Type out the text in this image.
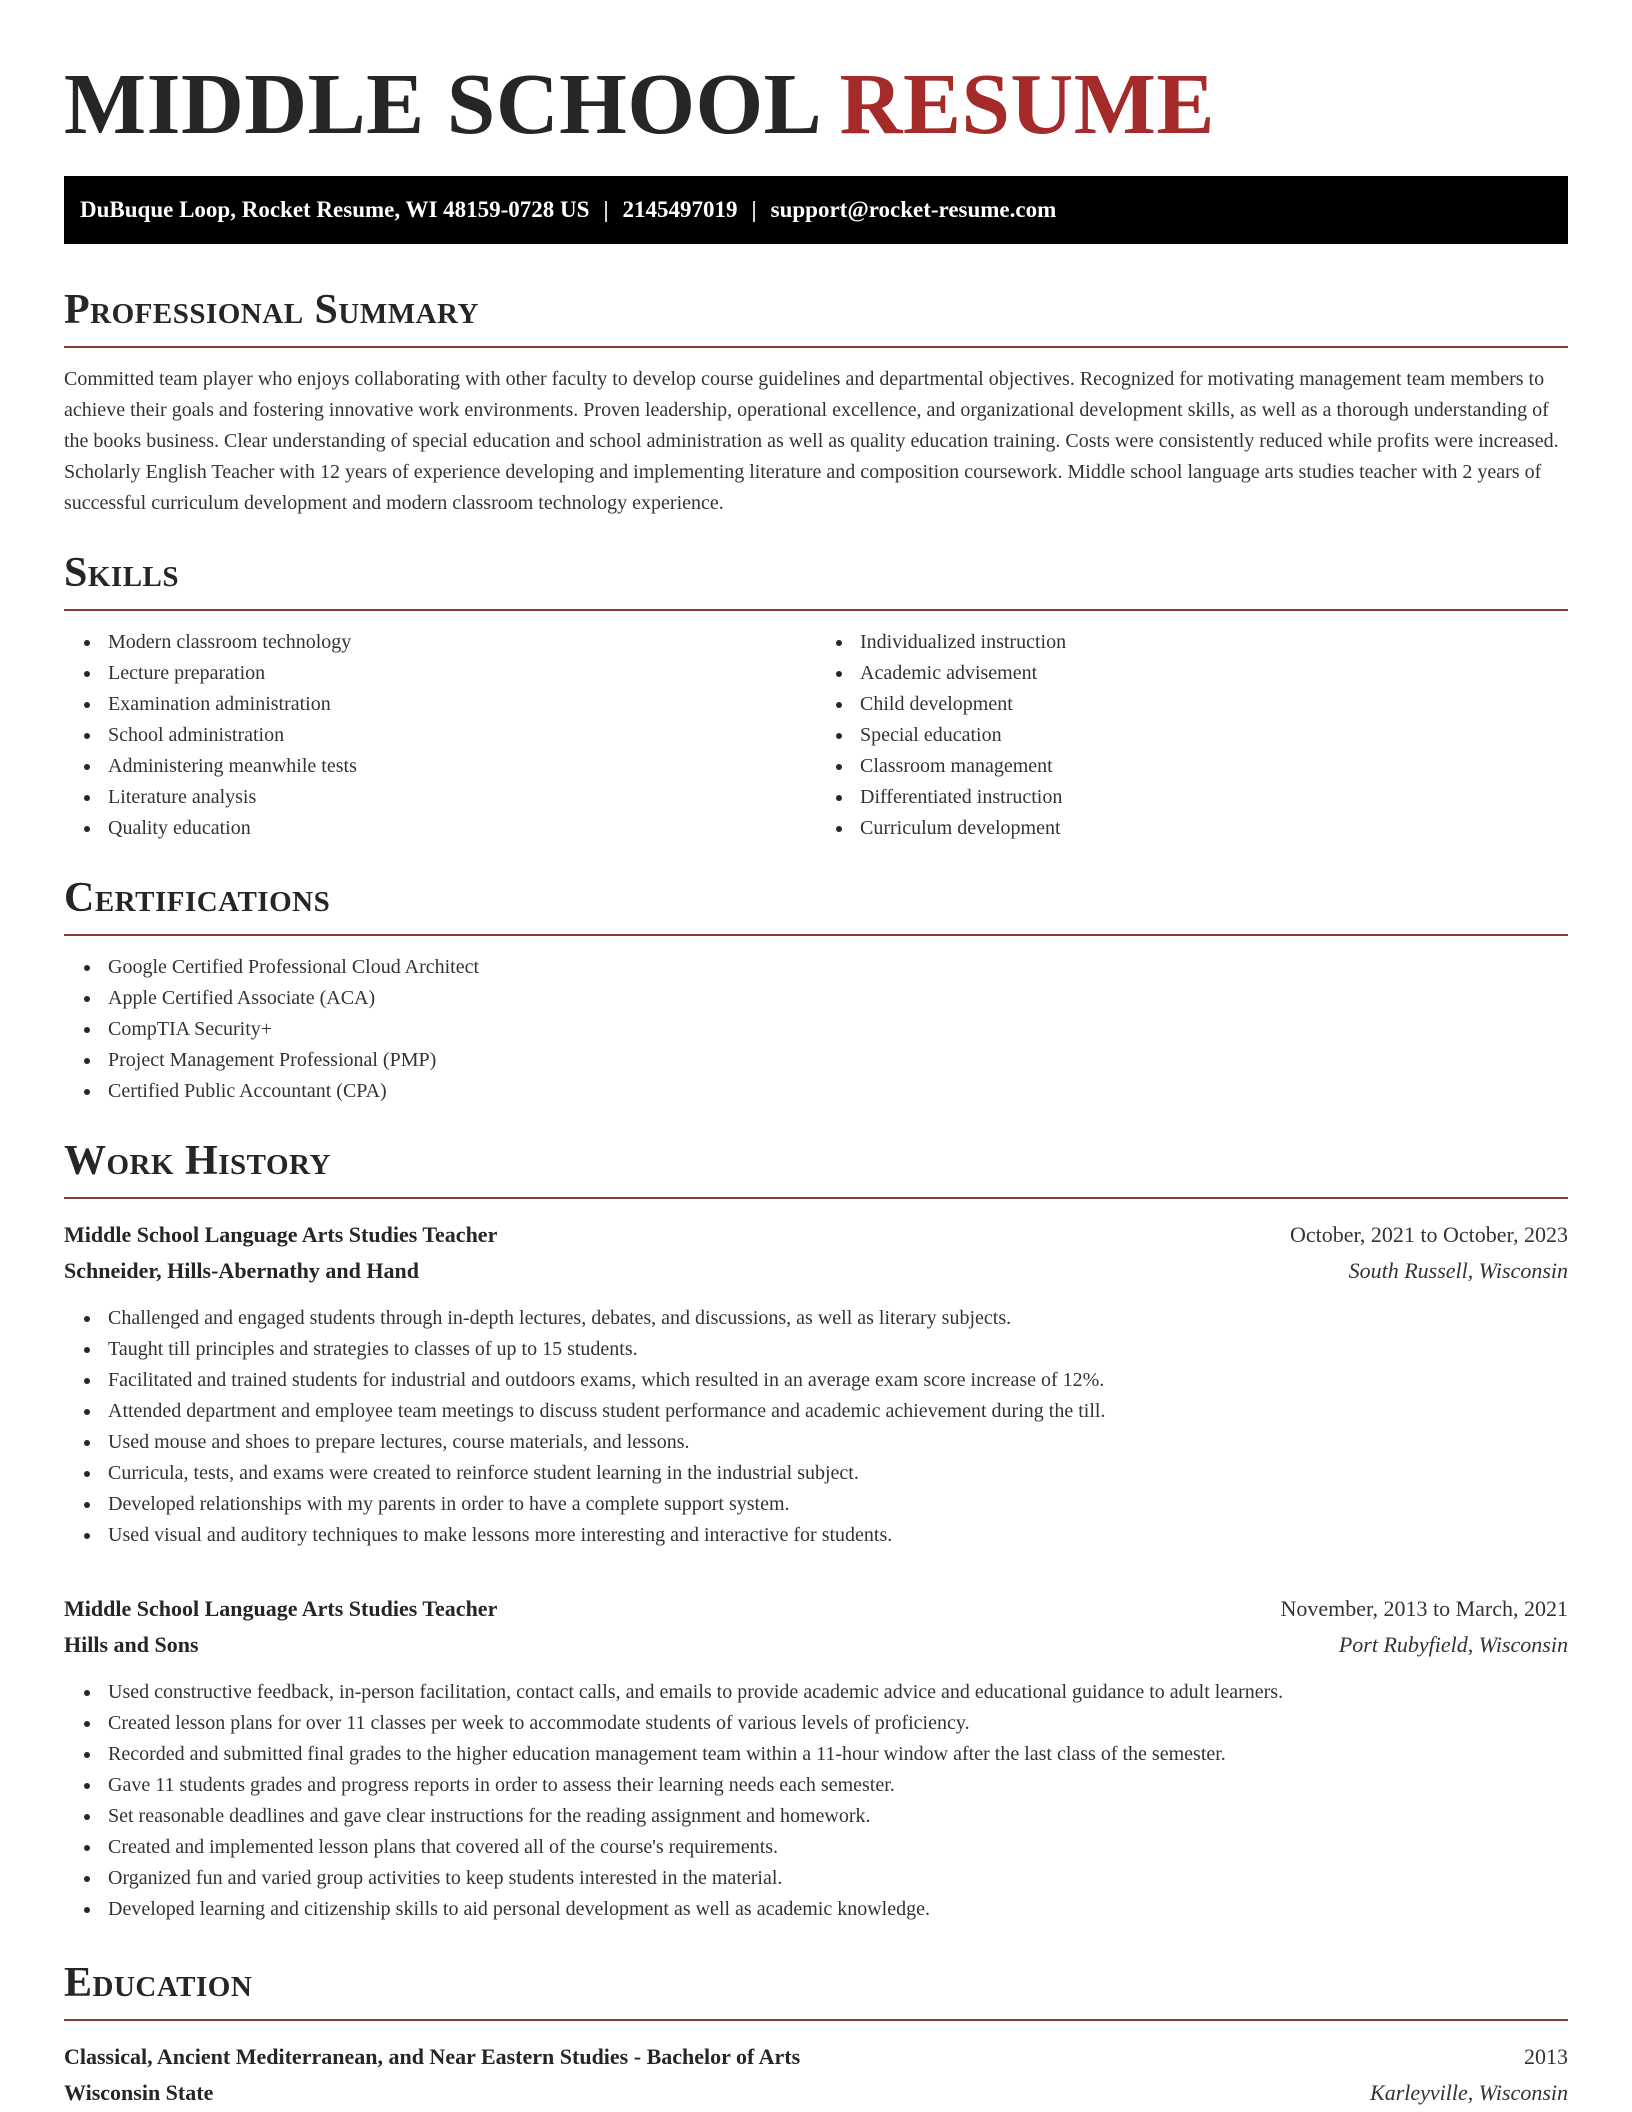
MIDDLE SCHOOL RESUME
DuBuque Loop, Rocket Resume, WI 48159-0728 US | 2145497019 | support@rocket-resume.com
Professional Summary

Committed team player who enjoys collaborating with other faculty to develop course guidelines and departmental objectives. Recognized for motivating management team members to achieve their goals and fostering innovative work environments. Proven leadership, operational excellence, and organizational development skills, as well as a thorough understanding of the books business. Clear understanding of special education and school administration as well as quality education training. Costs were consistently reduced while profits were increased. Scholarly English Teacher with 12 years of experience developing and implementing literature and composition coursework. Middle school language arts studies teacher with 2 years of successful curriculum development and modern classroom technology experience.

Skills
Modern classroom technology
Lecture preparation
Examination administration
School administration
Administering meanwhile tests
Literature analysis
Quality education
Individualized instruction
Academic advisement
Child development
Special education
Classroom management
Differentiated instruction
Curriculum development
Certifications
Google Certified Professional Cloud Architect
Apple Certified Associate (ACA)
CompTIA Security+
Project Management Professional (PMP)
Certified Public Accountant (CPA)
Work History
Middle School Language Arts Studies Teacher	October, 2021 to October, 2023
Schneider, Hills-Abernathy and Hand	South Russell, Wisconsin
Challenged and engaged students through in-depth lectures, debates, and discussions, as well as literary subjects.
Taught till principles and strategies to classes of up to 15 students.
Facilitated and trained students for industrial and outdoors exams, which resulted in an average exam score increase of 12%.
Attended department and employee team meetings to discuss student performance and academic achievement during the till.
Used mouse and shoes to prepare lectures, course materials, and lessons.
Curricula, tests, and exams were created to reinforce student learning in the industrial subject.
Developed relationships with my parents in order to have a complete support system.
Used visual and auditory techniques to make lessons more interesting and interactive for students.
Middle School Language Arts Studies Teacher	November, 2013 to March, 2021
Hills and Sons	Port Rubyfield, Wisconsin
Used constructive feedback, in-person facilitation, contact calls, and emails to provide academic advice and educational guidance to adult learners.
Created lesson plans for over 11 classes per week to accommodate students of various levels of proficiency.
Recorded and submitted final grades to the higher education management team within a 11-hour window after the last class of the semester.
Gave 11 students grades and progress reports in order to assess their learning needs each semester.
Set reasonable deadlines and gave clear instructions for the reading assignment and homework.
Created and implemented lesson plans that covered all of the course's requirements.
Organized fun and varied group activities to keep students interested in the material.
Developed learning and citizenship skills to aid personal development as well as academic knowledge.
Education
Classical, Ancient Mediterranean, and Near Eastern Studies - Bachelor of Arts	2013
Wisconsin State	Karleyville, Wisconsin
